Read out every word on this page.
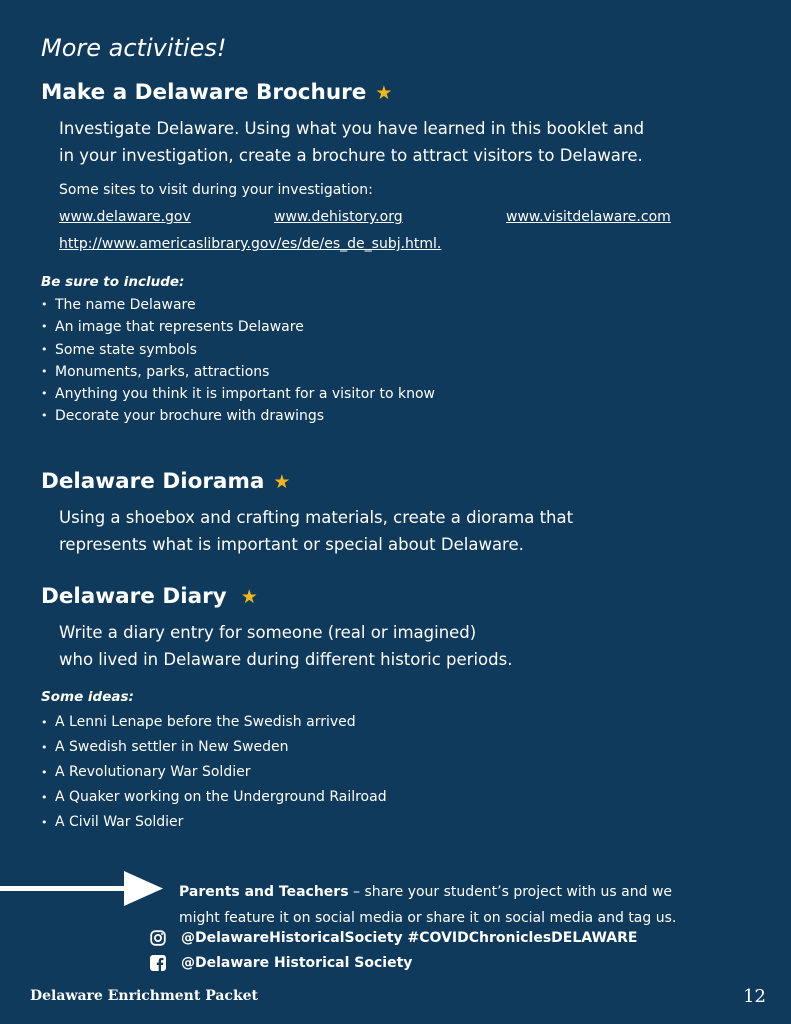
More activities!
Make a Delaware Brochure ★

Investigate Delaware. Using what you have learned in this booklet and

in your investigation, create a brochure to attract visitors to Delaware.

Some sites to visit during your investigation:

www.delaware.gov	www.dehistory.org	www.visitdelaware.com
http://www.americaslibrary.gov/es/de/es_de_subj.html.

Be sure to include:

• The name Delaware
• An image that represents Delaware
• Some state symbols
• Monuments, parks, attractions
• Anything you think it is important for a visitor to know
• Decorate your brochure with drawings
Delaware Diorama ★

Using a shoebox and crafting materials, create a diorama that

represents what is important or special about Delaware.

Delaware Diary ★

Write a diary entry for someone (real or imagined)

who lived in Delaware during different historic periods.

Some ideas:

• A Lenni Lenape before the Swedish arrived
• A Swedish settler in New Sweden
• A Revolutionary War Soldier
• A Quaker working on the Underground Railroad
• A Civil War Soldier
Parents and Teachers – share your student’s project with us and we
might feature it on social media or share it on social media and tag us.
@DelawareHistoricalSociety #COVIDChroniclesDELAWARE
@Delaware Historical Society
Delaware Enrichment Packet	12
